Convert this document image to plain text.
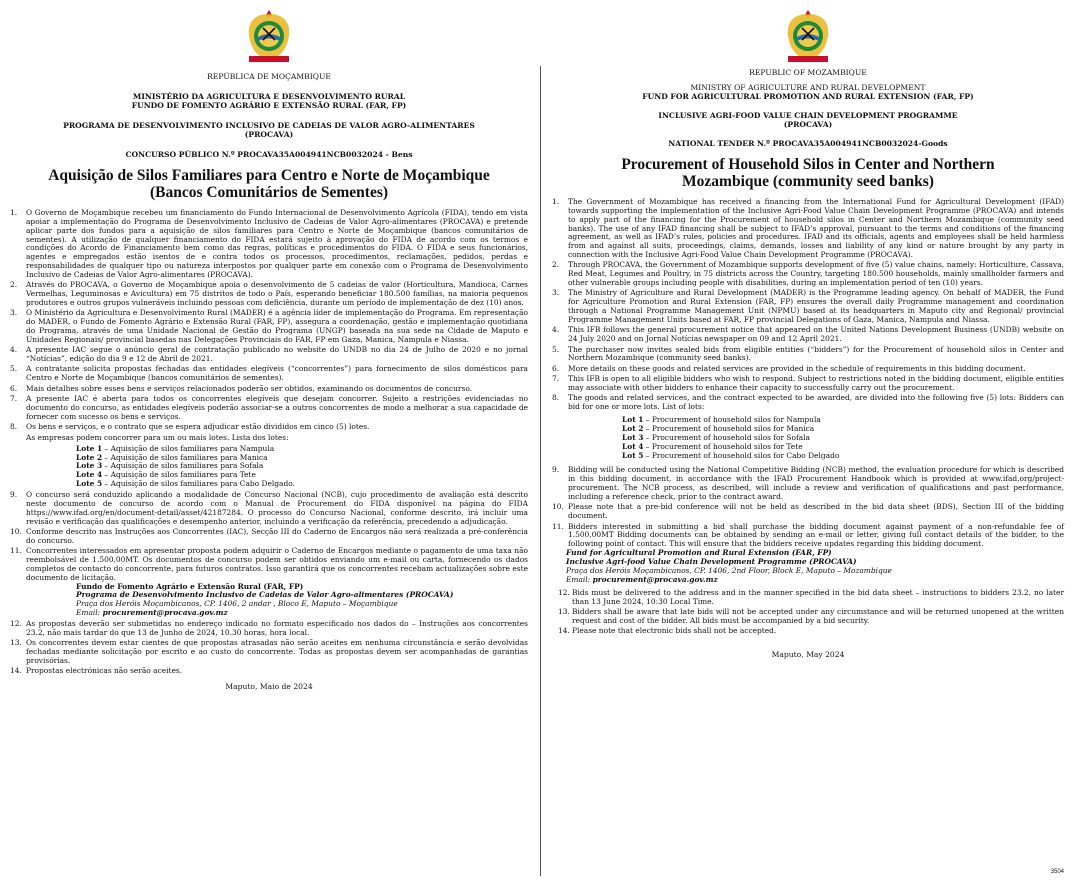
REPÚBLICA DE MOÇAMBIQUE
MINISTÉRIO DA AGRICULTURA E DESENVOLVIMENTO RURAL
FUNDO DE FOMENTO AGRÁRIO E EXTENSÃO RURAL (FAR, FP)
PROGRAMA DE DESENVOLVIMENTO INCLUSIVO DE CADEIAS DE VALOR AGRO-ALIMENTARES
(PROCAVA)
CONCURSO PÚBLICO N.º PROCAVA35A004941NCB0032024 - Bens
Aquisição de Silos Familiares para Centro e Norte de Moçambique
(Bancos Comunitários de Sementes)
1.	O Governo de Moçambique recebeu um financiamento do Fundo Internacional de Desenvolvimento Agrícola (FIDA), tendo em vista apoiar a implementação do Programa de Desenvolvimento Inclusivo de Cadeias de Valor Agro-alimentares (PROCAVA) e pretende aplicar parte dos fundos para a aquisição de silos familiares para Centro e Norte de Moçambique (bancos comunitários de sementes). A utilização de qualquer financiamento do FIDA estará sujeito à aprovação do FIDA de acordo com os termos e condições do Acordo de Financiamento bem como das regras, políticas e procedimentos do FIDA. O FIDA e seus funcionários, agentes e empregados estão isentos de e contra todos os processos, procedimentos, reclamações, pedidos, perdas e responsabilidades de qualquer tipo ou natureza interpostos por qualquer parte em conexão com o Programa de Desenvolvimento Inclusivo de Cadeias de Valor Agro-alimentares (PROCAVA).
2.	Através do PROCAVA, o Governo de Moçambique apoia o desenvolvimento de 5 cadeias de valor (Horticultura, Mandioca, Carnes Vermelhas, Leguminosas e Avicultura) em 75 distritos de todo o País, esperando beneficiar 180.500 famílias, na maioria pequenos produtores e outros grupos vulneráveis incluindo pessoas com deficiência, durante um período de implementação de dez (10) anos.
3.	O Ministério da Agricultura e Desenvolvimento Rural (MADER) é a agência líder de implementação do Programa. Em representação do MADER, o Fundo de Fomento Agrário e Extensão Rural (FAR, FP), assegura a coordenação, gestão e implementação quotidiana do Programa, através de uma Unidade Nacional de Gestão do Programa (UNGP) baseada na sua sede na Cidade de Maputo e Unidades Regionais/ provincial basedas nas Delegações Provinciais do FAR, FP em Gaza, Manica, Nampula e Niassa.
4.	A presente IAC segue o anúncio geral de contratação publicado no website do UNDB no dia 24 de Julho de 2020 e no jornal “Notícias”, edição do dia 9 e 12 de Abril de 2021.
5.	A contratante solicita propostas fechadas das entidades elegíveis (“concorrentes”) para fornecimento de silos domésticos para Centro e Norte de Moçambique (bancos comunitários de sementes).
6.	Mais detalhes sobre esses bens e serviços relacionados poderão ser obtidos, examinando os documentos de concurso.
7.	A presente IAC é aberta para todos os concorrentes elegíveis que desejam concorrer. Sujeito a restrições evidenciadas no documento do concurso, as entidades elegíveis poderão associar-se a outros concorrentes de modo a melhorar a sua capacidade de fornecer com sucesso os bens e serviços.
8.	Os bens e serviços, e o contrato que se espera adjudicar estão divididos em cinco (5) lotes.
As empresas podem concorrer para um ou mais lotes. Lista dos lotes:
Lote 1 – Aquisição de silos familiares para Nampula
Lote 2 – Aquisição de silos familiares para Manica
Lote 3 – Aquisição de silos familiares para Sofala
Lote 4 – Aquisição de silos familiares para Tete
Lote 5 – Aquisição de silos familiares para Cabo Delgado.
9.	O concurso será conduzido aplicando a modalidade de Concurso Nacional (NCB), cujo procedimento de avaliação está descrito neste documento de concurso de acordo com o Manual de Procurement do FIDA disponível na página do FIDA https://www.ifad.org/en/document-detail/asset/42187284. O processo do Concurso Nacional, conforme descrito, irá incluir uma revisão e verificação das qualificações e desempenho anterior, incluindo a verificação da referência, precedendo a adjudicação.
10. Conforme descrito nas Instruções aos Concorrentes (IAC), Secção III do Caderno de Encargos não será realizada a pré-conferência do concurso.
11. Concorrentes interessados em apresentar proposta podem adquirir o Caderno de Encargos mediante o pagamento de uma taxa não reembolsável de 1.500,00MT. Os documentos de concurso podem ser obtidos enviando um e-mail ou carta, fornecendo os dados completos de contacto do concorrente, para futuros contratos. Isso garantirá que os concorrentes recebam actualizações sobre este documento de licitação.
Fundo de Fomento Agrário e Extensão Rural (FAR, FP)
Programa de Desenvolvimento Inclusivo de Cadeias de Valor Agro-alimentares (PROCAVA)
Praça dos Heróis Moçambicanos, CP. 1406, 2 andar , Bloco E, Maputo – Moçambique
Email: procurement@procava.gov.mz
12. As propostas deverão ser submetidas no endereço indicado no formato especificado nos dados do – Instruções aos concorrentes 23.2, não mais tardar do que 13 de Junho de 2024, 10.30 horas, hora local.
13. Os concorrentes devem estar cientes de que propostas atrasadas não serão aceites em nenhuma circunstância e serão devolvidas fechadas mediante solicitação por escrito e ao custo do concorrente. Todas as propostas devem ser acompanhadas de garantias provisórias.
14. Propostas electrónicas não serão aceites.
Maputo, Maio de 2024
REPUBLIC OF MOZAMBIQUE
MINISTRY OF AGRICULTURE AND RURAL DEVELOPMENT
FUND FOR AGRICULTURAL PROMOTION AND RURAL EXTENSION (FAR, FP)
INCLUSIVE AGRI-FOOD VALUE CHAIN DEVELOPMENT PROGRAMME
(PROCAVA)
NATIONAL TENDER N.º PROCAVA35A004941NCB0032024-Goods
Procurement of Household Silos in Center and Northern
Mozambique (community seed banks)
1.	The Government of Mozambique has received a financing from the International Fund for Agricultural Development (IFAD) towards supporting the implementation of the Inclusive Agri-Food Value Chain Development Programme (PROCAVA) and intends to apply part of the financing for the Procurement of household silos in Center and Northern Mozambique (community seed banks). The use of any IFAD financing shall be subject to IFAD’s approval, pursuant to the terms and conditions of the financing agreement, as well as IFAD’s rules, policies and procedures. IFAD and its officials, agents and employees shall be held harmless from and against all suits, proceedings, claims, demands, losses and liability of any kind or nature brought by any party in connection with the Inclusive Agri-Food Value Chain Development Programme (PROCAVA).
2.	Through PROCAVA, the Government of Mozambique supports development of five (5) value chains, namely: Horticulture, Cassava, Red Meat, Legumes and Poultry, in 75 districts across the Country, targeting 180.500 households, mainly smallholder farmers and other vulnerable groups including people with disabilities, during an implementation period of ten (10) years.
3.	The Ministry of Agriculture and Rural Development (MADER) is the Programme leading agency. On behalf of MADER, the Fund for Agriculture Promotion and Rural Extension (FAR, FP) ensures the overall daily Programme management and coordination through a National Programme Management Unit (NPMU) based at its headquarters in Maputo city and Regional/ provincial Programme Management Units based at FAR, FP provincial Delegations of Gaza, Manica, Nampula and Niassa.
4.	This IFB follows the general procurement notice that appeared on the United Nations Development Business (UNDB) website on 24 July 2020 and on Jornal Notícias newspaper on 09 and 12 April 2021.
5.	The purchaser now invites sealed bids from eligible entities (“bidders”) for the Procurement of household silos in Center and Northern Mozambique (community seed banks).
6.	More details on these goods and related services are provided in the schedule of requirements in this bidding document.
7.	This IFB is open to all eligible bidders who wish to respond. Subject to restrictions noted in the bidding document, eligible entities may associate with other bidders to enhance their capacity to successfully carry out the procurement.
8.	The goods and related services, and the contract expected to be awarded, are divided into the following five (5) lots: Bidders can bid for one or more lots. List of lots:
Lot 1 – Procurement of household silos for Nampula
Lot 2 – Procurement of household silos for Manica
Lot 3 – Procurement of household silos for Sofala
Lot 4 – Procurement of household silos for Tete
Lot 5 – Procurement of household silos for Cabo Delgado
9.	Bidding will be conducted using the National Competitive Bidding (NCB) method, the evaluation procedure for which is described in this bidding document, in accordance with the IFAD Procurement Handbook which is provided at www.ifad.org/project-procurement. The NCB process, as described, will include a review and verification of qualifications and past performance, including a reference check, prior to the contract award.
10. Please note that a pre-bid conference will not be held as described in the bid data sheet (BDS), Section III of the bidding document.
11. Bidders interested in submitting a bid shall purchase the bidding document against payment of a non-refundable fee of 1.500,00MT Bidding documents can be obtained by sending an e-mail or letter, giving full contact details of the bidder, to the following point of contact. This will ensure that the bidders receive updates regarding this bidding document.
Fund for Agricultural Promotion and Rural Extension (FAR, FP)
Inclusive Agri-food Value Chain Development Programme (PROCAVA)
Praça dos Heróis Moçambicanos, CP. 1406, 2nd Floor, Block E, Maputo – Mozambique
Email: procurement@procava.gov.mz
12. Bids must be delivered to the address and in the manner specified in the bid data sheet – instructions to bidders 23.2, no later than 13 June 2024, 10:30 Local Time.
13. Bidders shall be aware that late bids will not be accepted under any circumstance and will be returned unopened at the written request and cost of the bidder. All bids must be accompanied by a bid security.
14. Please note that electronic bids shall not be accepted.
Maputo, May 2024
3504
